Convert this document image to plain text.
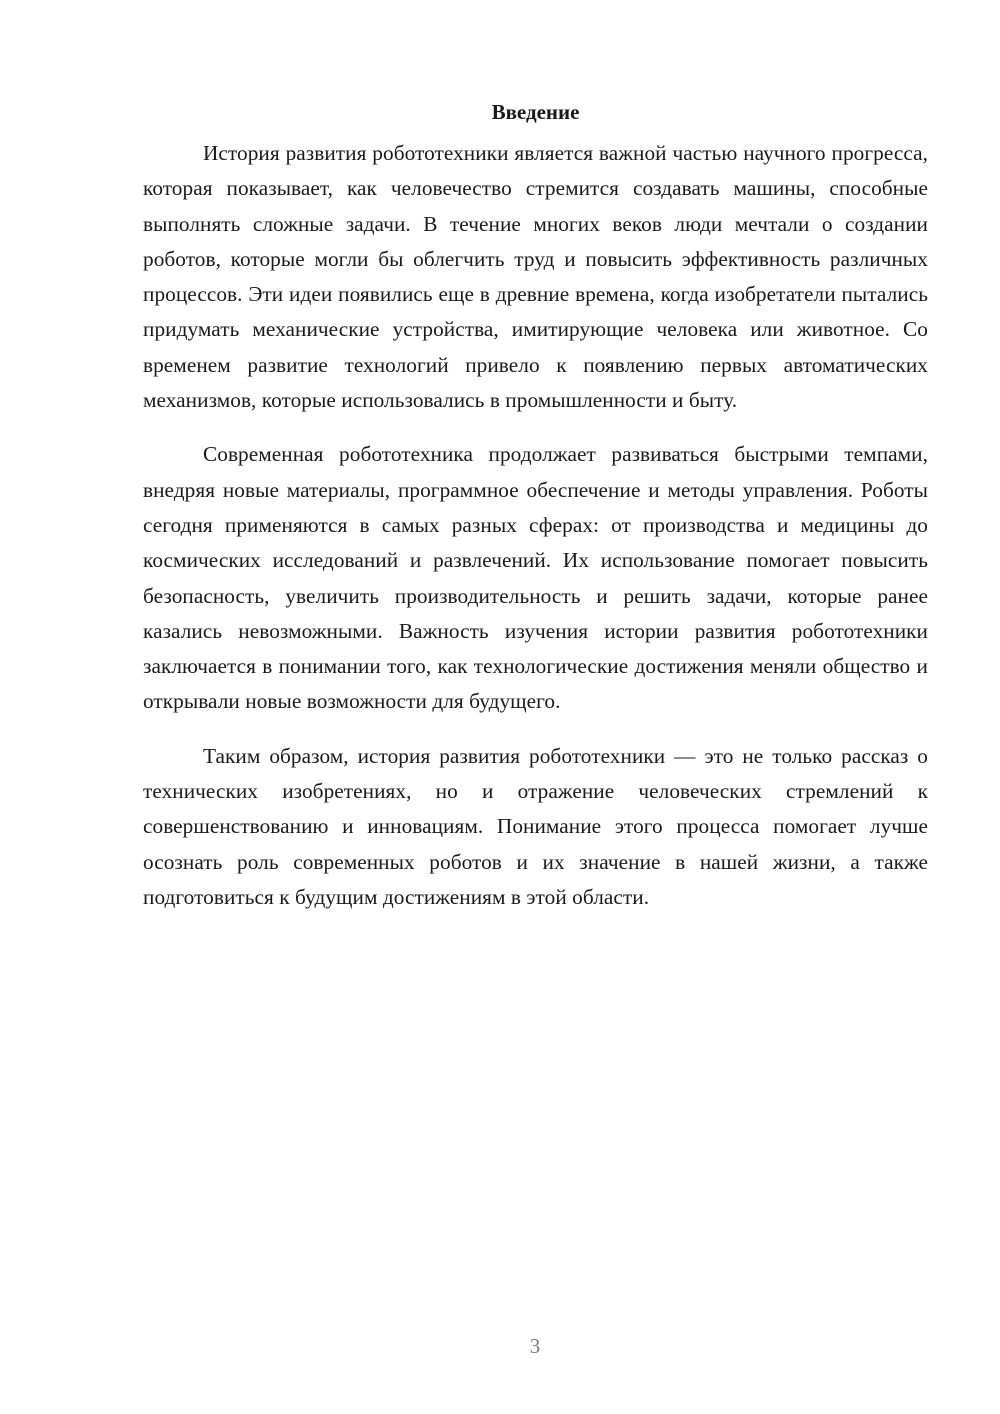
Введение

История развития робототехники является важной частью научного прогресса, которая показывает, как человечество стремится создавать машины, способные выполнять сложные задачи. В течение многих веков люди мечтали о создании роботов, которые могли бы облегчить труд и повысить эффективность различных процессов. Эти идеи появились еще в древние времена, когда изобретатели пытались придумать механические устройства, имитирующие человека или животное. Со временем развитие технологий привело к появлению первых автоматических механизмов, которые использовались в промышленности и быту.

Современная робототехника продолжает развиваться быстрыми темпами, внедряя новые материалы, программное обеспечение и методы управления. Роботы сегодня применяются в самых разных сферах: от производства и медицины до космических исследований и развлечений. Их использование помогает повысить безопасность, увеличить производительность и решить задачи, которые ранее казались невозможными. Важность изучения истории развития робототехники заключается в понимании того, как технологические достижения меняли общество и открывали новые возможности для будущего.

Таким образом, история развития робототехники — это не только рассказ о технических изобретениях, но и отражение человеческих стремлений к совершенствованию и инновациям. Понимание этого процесса помогает лучше осознать роль современных роботов и их значение в нашей жизни, а также подготовиться к будущим достижениям в этой области.

3
